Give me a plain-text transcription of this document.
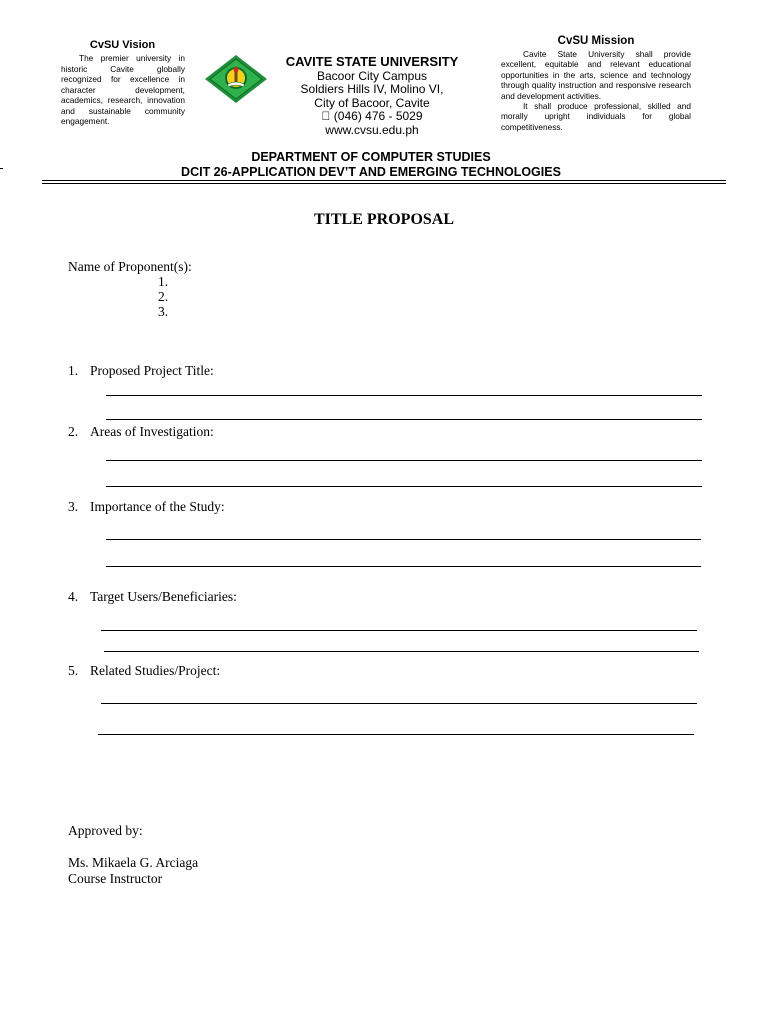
CvSU Vision
The premier university in historic Cavite globally recognized for excellence in character development, academics, research, innovation and sustainable community engagement.
CAVITE STATE UNIVERSITY
Bacoor City Campus
Soldiers Hills IV, Molino VI,
City of Bacoor, Cavite
(046) 476 - 5029
www.cvsu.edu.ph
CvSU Mission

Cavite State University shall provide excellent, equitable and relevant educational opportunities in the arts, science and technology through quality instruction and responsive research and development activities.

It shall produce professional, skilled and morally upright individuals for global competitiveness.

DEPARTMENT OF COMPUTER STUDIES
DCIT 26-APPLICATION DEV’T AND EMERGING TECHNOLOGIES
TITLE PROPOSAL
Name of Proponent(s):
1.
2.
3.
1. Proposed Project Title:
2. Areas of Investigation:
3. Importance of the Study:
4. Target Users/Beneficiaries:
5. Related Studies/Project:
Approved by:
Ms. Mikaela G. Arciaga
Course Instructor
